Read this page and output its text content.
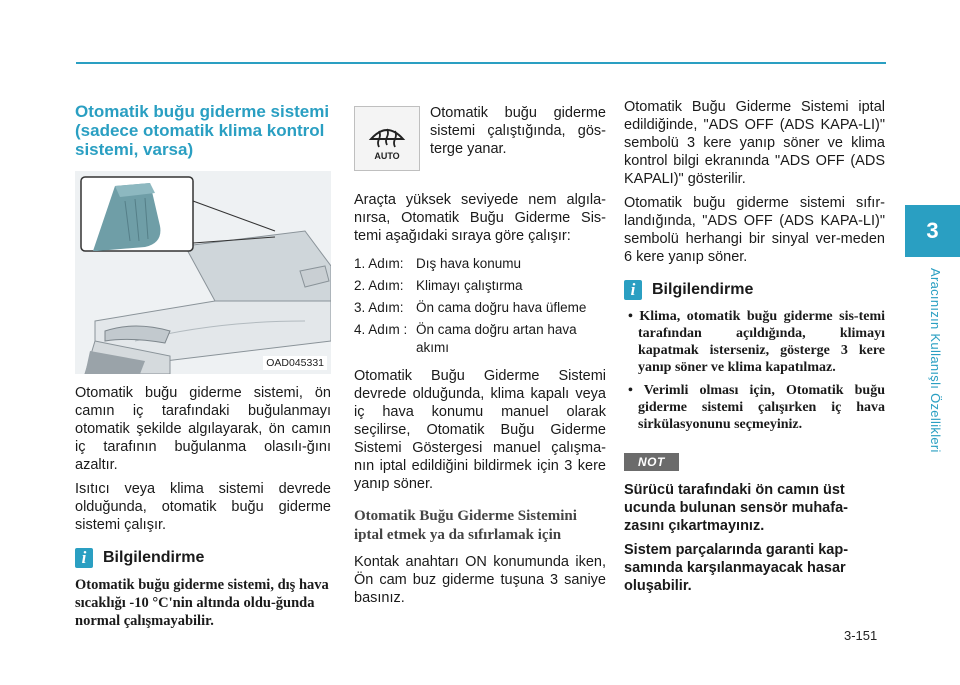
3
Aracınızın Kullanışlı Özellikleri
Otomatik buğu giderme sistemi (sadece otomatik klima kontrol sistemi, varsa)
OAD045331

Otomatik buğu giderme sistemi, ön camın iç tarafındaki buğulanmayı otomatik şekilde algılayarak, ön camın iç tarafının buğulanma olasılı-ğını azaltır.

Isıtıcı veya klima sistemi devrede olduğunda, otomatik buğu giderme sistemi çalışır.

i	Bilgilendirme

Otomatik buğu giderme sistemi, dış hava sıcaklığı -10 °C'nin altında oldu-ğunda normal çalışmayabilir.

AUTO

Otomatik buğu giderme sistemi çalıştığında, gös-terge yanar.

Araçta yüksek seviyede nem algıla-nırsa, Otomatik Buğu Giderme Sis-temi aşağıdaki sıraya göre çalışır:

1. Adım: Dış hava konumu
2. Adım: Klimayı çalıştırma
3. Adım: Ön cama doğru hava üfleme
4. Adım : Ön cama doğru artan hava akımı

Otomatik Buğu Giderme Sistemi devrede olduğunda, klima kapalı veya iç hava konumu manuel olarak seçilirse, Otomatik Buğu Giderme Sistemi Göstergesi manuel çalışma-nın iptal edildiğini bildirmek için 3 kere yanıp söner.

Otomatik Buğu Giderme Sistemini iptal etmek ya da sıfırlamak için

Kontak anahtarı ON konumunda iken, Ön cam buz giderme tuşuna 3 saniye basınız.

Otomatik Buğu Giderme Sistemi iptal edildiğinde, "ADS OFF (ADS KAPA-LI)" sembolü 3 kere yanıp söner ve klima kontrol bilgi ekranında "ADS OFF (ADS KAPALI)" gösterilir.

Otomatik buğu giderme sistemi sıfır-landığında, "ADS OFF (ADS KAPA-LI)" sembolü herhangi bir sinyal ver-meden 6 kere yanıp söner.

i	Bilgilendirme
• Klima, otomatik buğu giderme sis-temi tarafından açıldığında, klimayı kapatmak isterseniz, gösterge 3 kere yanıp söner ve klima kapatılmaz.
• Verimli olması için, Otomatik buğu giderme sistemi çalışırken iç hava sirkülasyonunu seçmeyiniz.
NOT

Sürücü tarafındaki ön camın üst ucunda bulunan sensör muhafa-zasını çıkartmayınız.

Sistem parçalarında garanti kap-samında karşılanmayacak hasar oluşabilir.

3-151
